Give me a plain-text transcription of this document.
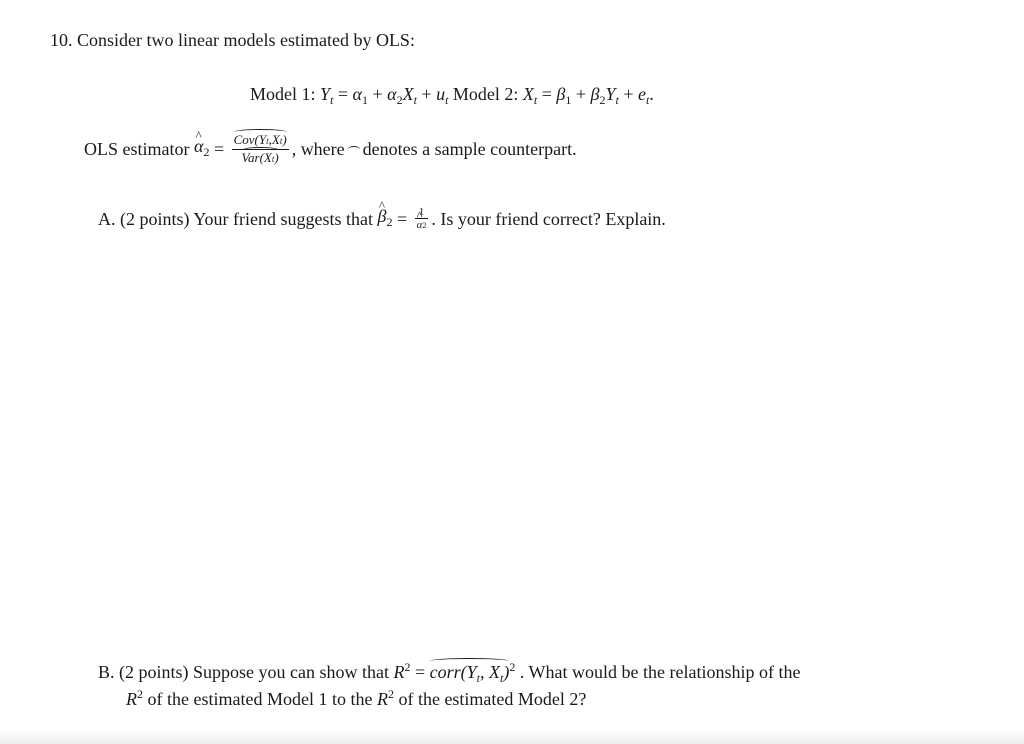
10. Consider two linear models estimated by OLS:
Model 1: $Y_t = \alpha_1 + \alpha_2X_t + u_t$ Model 2: $X_t = \beta_1 + \beta_2Y_t + e_t$.
OLS estimator
^ $\alpha_2 = \frac{\text{Cov(Yt,Xt)}}{\text{Var(Xt)}}$ , where denotes a sample counterpart.
A.
(2 points) Your friend suggests that
^ $\beta_2 = 1$
^ α2 . Is your friend correct? Explain.
B. (2 points) Suppose you can show that $R^2$ = $corr(Y_t$, $X_t)^2$ . What would be the relationship of the
$R^2$ of the estimated Model 1 to the $R^2$ of the estimated Model 2?
